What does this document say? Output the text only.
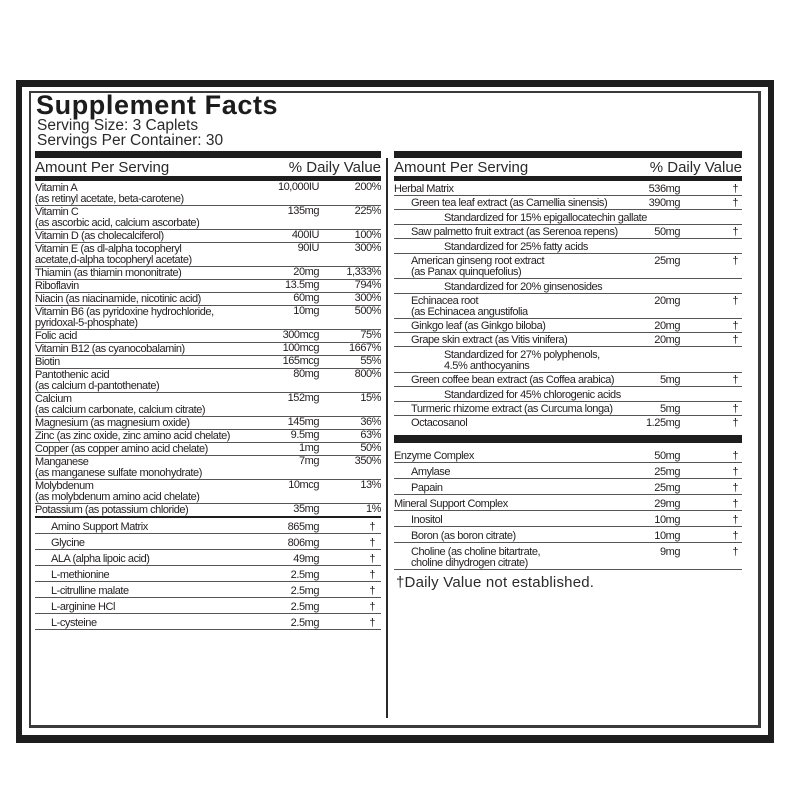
Supplement Facts
Serving Size: 3 Caplets
Servings Per Container: 30
Amount Per Serving	% Daily Value
Vitamin A
(as retinyl acetate, beta-carotene)
10,000IU	200%
Vitamin C
(as ascorbic acid, calcium ascorbate)
135mg	225%
Vitamin D (as cholecalciferol)	400IU	100%
Vitamin E (as dl-alpha tocopheryl
acetate,d-alpha tocopheryl acetate)
90IU	300%
Thiamin (as thiamin mononitrate)	20mg 1,333%
Riboflavin	13.5mg	794%
Niacin (as niacinamide, nicotinic acid)	60mg	300%
Vitamin B6 (as pyridoxine hydrochloride,
pyridoxal-5-phosphate)
10mg	500%
Folic acid	300mcg	75%
Vitamin B12 (as cyanocobalamin)	100mcg	1667%
Biotin	165mcg	55%
Pantothenic acid
(as calcium d-pantothenate)
80mg	800%
Calcium
(as calcium carbonate, calcium citrate)
152mg	15%
Magnesium (as magnesium oxide)	145mg	36%
Zinc (as zinc oxide, zinc amino acid chelate)	9.5mg	63%
Copper (as copper amino acid chelate)	1mg	50%
Manganese
(as manganese sulfate monohydrate)
7mg	350%
Molybdenum
(as molybdenum amino acid chelate)
10mcg	13%
Potassium (as potassium chloride)	35mg	1%
Amino Support Matrix	865mg	†
Glycine	806mg	†
ALA (alpha lipoic acid)	49mg	†
L-methionine	2.5mg	†
L-citrulline malate	2.5mg	†
L-arginine HCl	2.5mg	†
L-cysteine	2.5mg	†
Amount Per Serving	% Daily Value
Herbal Matrix	536mg	†
Green tea leaf extract (as Camellia sinensis)	390mg	†
Standardized for 15% epigallocatechin gallate
Saw palmetto fruit extract (as Serenoa repens)	50mg	†
Standardized for 25% fatty acids
American ginseng root extract
(as Panax quinquefolius)
25mg	†
Standardized for 20% ginsenosides
Echinacea root
(as Echinacea angustifolia
20mg	†
Ginkgo leaf (as Ginkgo biloba)	20mg	†
Grape skin extract (as Vitis vinifera)	20mg	†
Standardized for 27% polyphenols,
4.5% anthocyanins
Green coffee bean extract (as Coffea arabica)	5mg	†
Standardized for 45% chlorogenic acids
Turmeric rhizome extract (as Curcuma longa)	5mg	†
Octacosanol	1.25mg	†
Enzyme Complex	50mg	†
Amylase	25mg	†
Papain	25mg	†
Mineral Support Complex	29mg	†
Inositol	10mg	†
Boron (as boron citrate)	10mg	†
Choline (as choline bitartrate,
choline dihydrogen citrate)
9mg	†
†Daily Value not established.
